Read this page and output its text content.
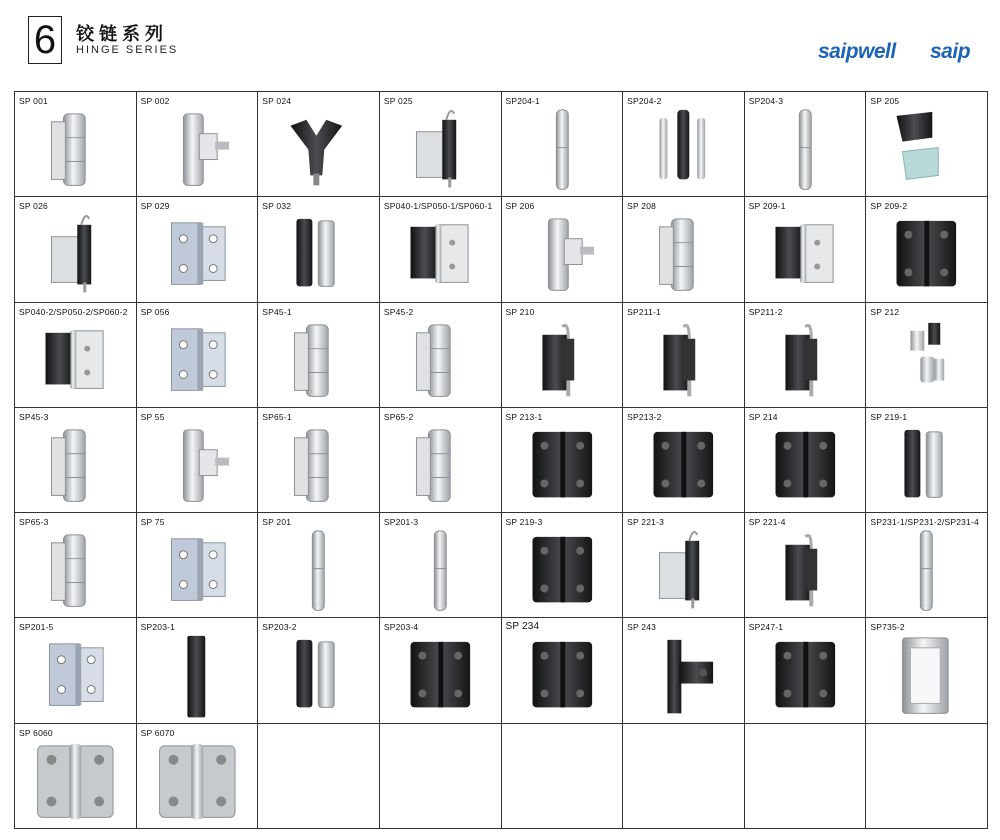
6	铰链系列
HINGE SERIES	saipwell saip
SP 001	SP 002	SP 024	SP 025	SP204-1	SP204-2	SP204-3	SP 205
SP 026	SP 029	SP 032	SP040-1/SP050-1/SP060-1	SP 206	SP 208	SP 209-1	SP 209-2
SP040-2/SP050-2/SP060-2	SP 056	SP45-1	SP45-2	SP 210	SP211-1	SP211-2	SP 212
SP45-3	SP 55	SP65-1	SP65-2	SP 213-1	SP213-2	SP 214	SP 219-1
SP65-3	SP 75	SP 201	SP201-3	SP 219-3	SP 221-3	SP 221-4	SP231-1/SP231-2/SP231-4
SP201-5	SP203-1	SP203-2	SP203-4	SP 234	SP 243	SP247-1	SP735-2
SP 6060	SP 6070
